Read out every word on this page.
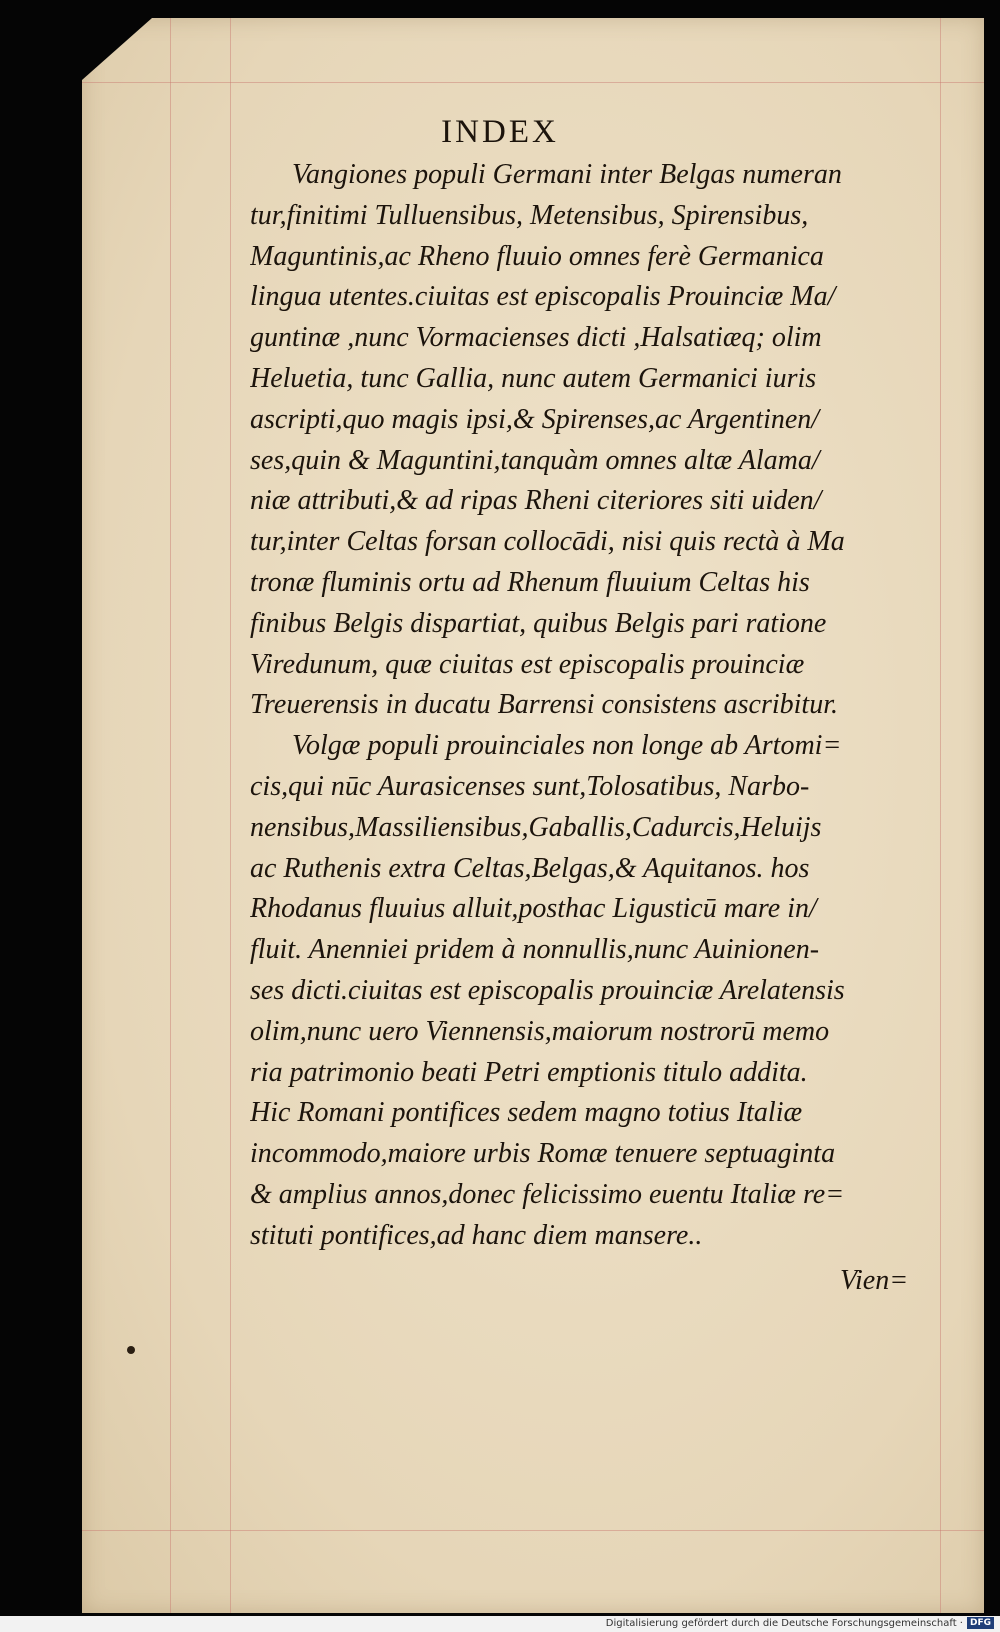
INDEX
Vangiones populi Germani inter Belgas numeran
tur,finitimi Tulluensibus, Metensibus, Spirensibus,
Maguntinis,ac Rheno fluuio omnes ferè Germanica
lingua utentes.ciuitas est episcopalis Prouinciæ Ma/
guntinæ ,nunc Vormacienses dicti ,Halsatiæq; olim
Heluetia, tunc Gallia, nunc autem Germanici iuris
ascripti,quo magis ipsi,& Spirenses,ac Argentinen/
ses,quin & Maguntini,tanquàm omnes altæ Alama/
niæ attributi,& ad ripas Rheni citeriores siti uiden/
tur,inter Celtas forsan collocādi, nisi quis rectà à Ma
tronæ fluminis ortu ad Rhenum fluuium Celtas his
finibus Belgis dispartiat, quibus Belgis pari ratione
Viredunum, quæ ciuitas est episcopalis prouinciæ
Treuerensis in ducatu Barrensi consistens ascribitur.
Volgæ populi prouinciales non longe ab Artomi=
cis,qui nūc Aurasicenses sunt,Tolosatibus, Narbo-
nensibus,Massiliensibus,Gaballis,Cadurcis,Heluijs
ac Ruthenis extra Celtas,Belgas,& Aquitanos. hos
Rhodanus fluuius alluit,posthac Ligusticū mare in/
fluit. Anenniei pridem à nonnullis,nunc Auinionen-
ses dicti.ciuitas est episcopalis prouinciæ Arelatensis
olim,nunc uero Viennensis,maiorum nostrorū memo
ria patrimonio beati Petri emptionis titulo addita.
Hic Romani pontifices sedem magno totius Italiæ
incommodo,maiore urbis Romæ tenuere septuaginta
& amplius annos,donec felicissimo euentu Italiæ re=
stituti pontifices,ad hanc diem mansere..
Vien=
Digitalisierung gefördert durch die Deutsche Forschungsgemeinschaft · DFG
